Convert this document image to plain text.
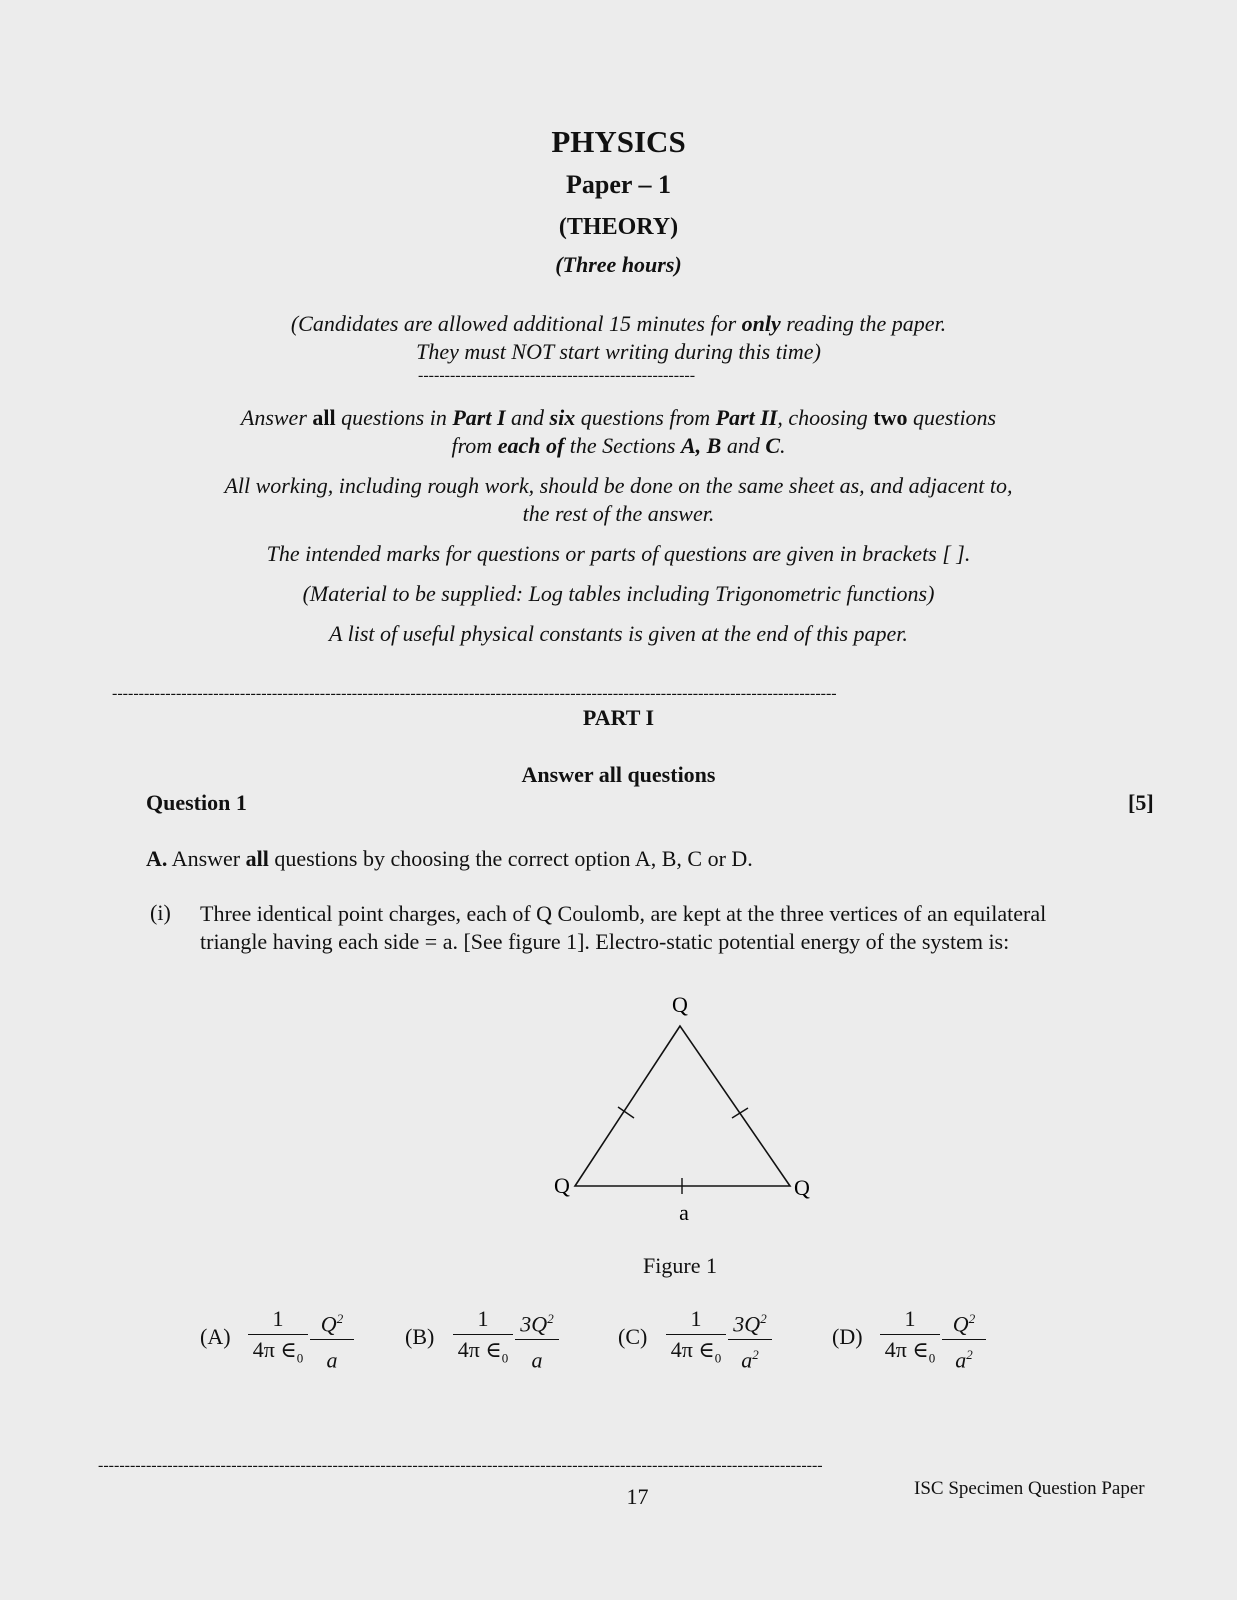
PHYSICS
Paper – 1
(THEORY)
(Three hours)
(Candidates are allowed additional 15 minutes for only reading the paper.
They must NOT start writing during this time)
----------------------------------------------------
Answer all questions in Part I and six questions from Part II, choosing two questions
from each of the Sections A, B and C.
All working, including rough work, should be done on the same sheet as, and adjacent to,
the rest of the answer.
The intended marks for questions or parts of questions are given in brackets [ ].
(Material to be supplied: Log tables including Trigonometric functions)
A list of useful physical constants is given at the end of this paper.
----------------------------------------------------------------------------------------------------------------------------------------
PART I
Answer all questions
Question 1	[5]
A. Answer all questions by choosing the correct option A, B, C or D.
(i) Three identical point charges, each of Q Coulomb, are kept at the three vertices of an equilateral
triangle having each side = a. [See figure 1]. Electro-static potential energy of the system is:
Q
Q	Q
a
Figure 1
(A)
1
4π $\in_0$
$Q^2$
a
(B)
1
4π $\in_0$
$3Q^2$
a
(C)
1
4π $\in_0$
$3Q^2$
$a^2$
(D)
1
4π $\in_0$
$Q^2$
$a^2$
----------------------------------------------------------------------------------------------------------------------------------------
17	ISC Specimen Question Paper
